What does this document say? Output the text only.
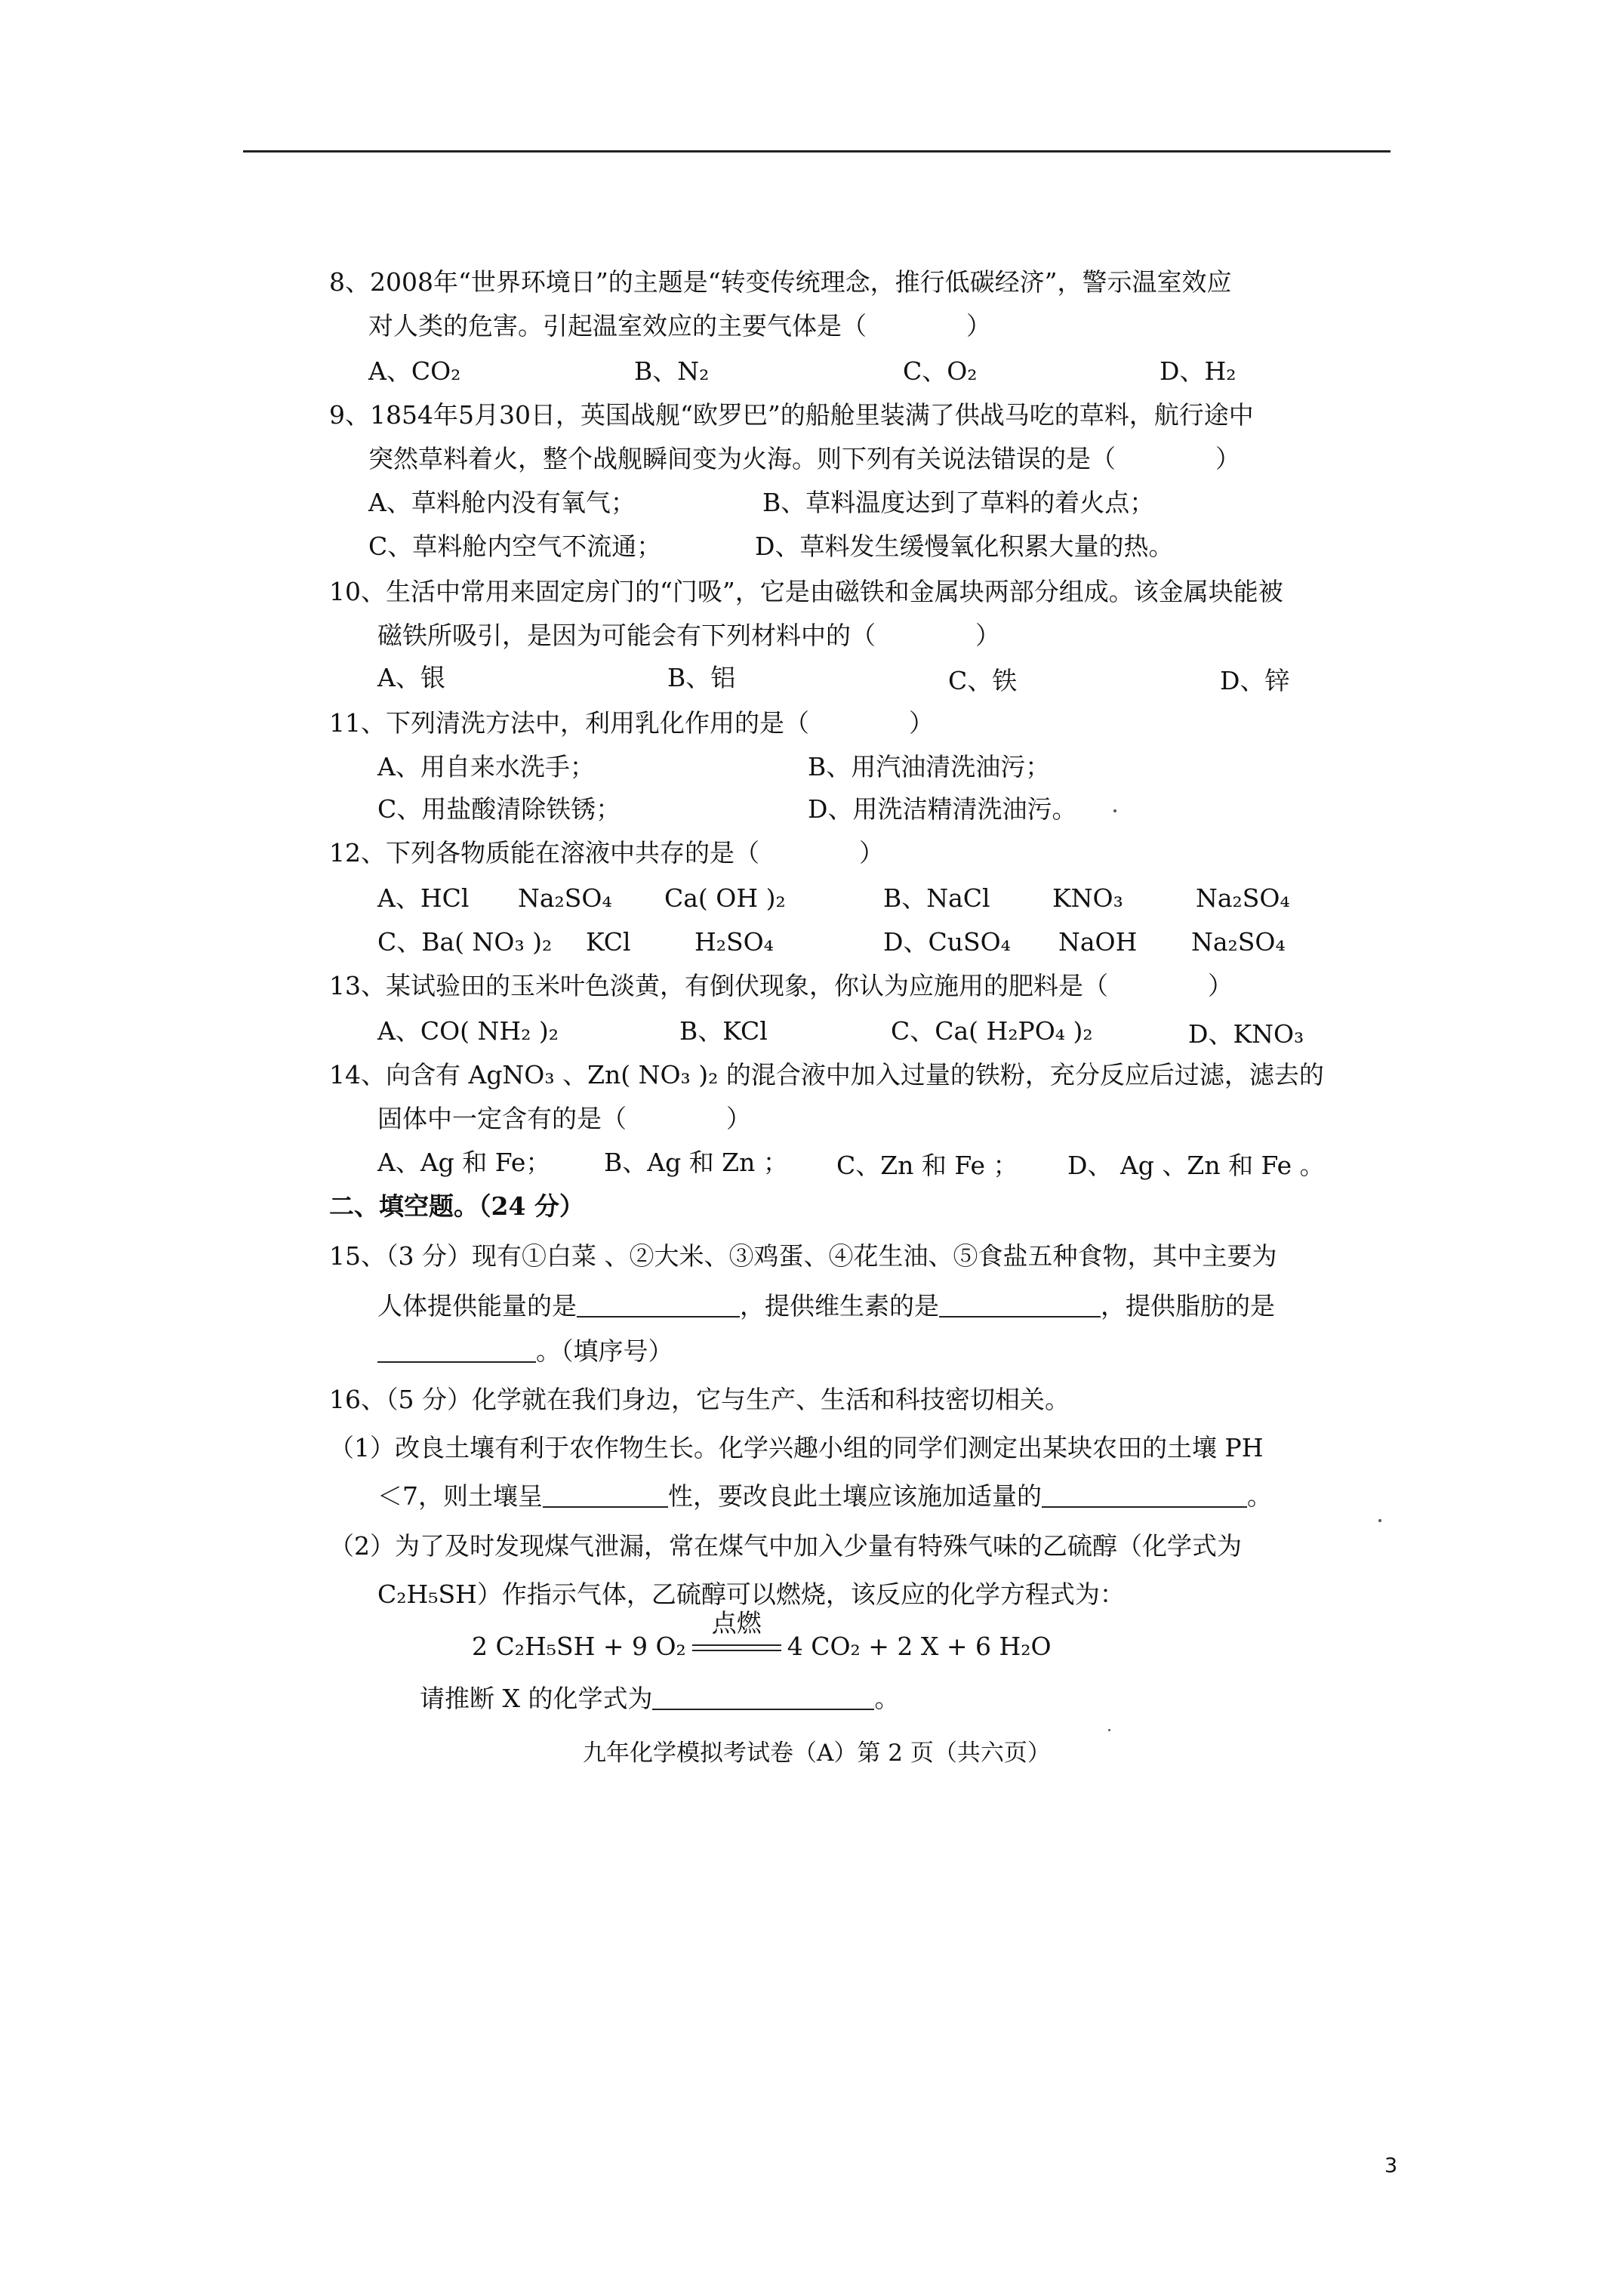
8、2008年“世界环境日”的主题是“转变传统理念，推行低碳经济”，警示温室效应
对人类的危害。引起温室效应的主要气体是（　　　　）
A、CO₂	B、N₂	C、O₂	D、H₂
9、1854年5月30日，英国战舰“欧罗巴”的船舱里装满了供战马吃的草料，航行途中
突然草料着火，整个战舰瞬间变为火海。则下列有关说法错误的是（　　　　）
A、草料舱内没有氧气；	B、草料温度达到了草料的着火点；
C、草料舱内空气不流通；	D、草料发生缓慢氧化积累大量的热。
10、生活中常用来固定房门的“门吸”，它是由磁铁和金属块两部分组成。该金属块能被
磁铁所吸引，是因为可能会有下列材料中的（　　　　）
A、银	B、铝	C、铁	D、锌
11、下列清洗方法中，利用乳化作用的是（　　　　）
A、用自来水洗手；	B、用汽油清洗油污；
C、用盐酸清除铁锈；	D、用洗洁精清洗油污。
12、下列各物质能在溶液中共存的是（　　　　）
A、HCl Na₂SO₄ Ca( OH )₂	B、NaCl KNO₃	Na₂SO₄
C、Ba( NO₃ )₂ KCl	H₂SO₄	D、CuSO₄ NaOH Na₂SO₄
13、某试验田的玉米叶色淡黄，有倒伏现象，你认为应施用的肥料是（　　　　）
A、CO( NH₂ )₂	B、KCl	C、Ca( H₂PO₄ )₂	D、KNO₃
14、向含有 AgNO₃ 、Zn( NO₃ )₂ 的混合液中加入过量的铁粉，充分反应后过滤，滤去的
固体中一定含有的是（　　　　）
A、Ag 和 Fe； B、Ag 和 Zn ； C、Zn 和 Fe ； D、 Ag 、Zn 和 Fe 。
二、填空题。（24 分）
15、（3 分）现有①白菜 、②大米、③鸡蛋、④花生油、⑤食盐五种食物，其中主要为
人体提供能量的是	，提供维生素的是	，提供脂肪的是
。（填序号）
16、（5 分）化学就在我们身边，它与生产、生活和科技密切相关。
（1）改良土壤有利于农作物生长。化学兴趣小组的同学们测定出某块农田的土壤 PH
＜7，则土壤呈	性，要改良此土壤应该施加适量的	。
（2）为了及时发现煤气泄漏，常在煤气中加入少量有特殊气味的乙硫醇（化学式为
C₂H₅SH）作指示气体，乙硫醇可以燃烧，该反应的化学方程式为：
2 C₂H₅SH + 9 O₂
点燃
4 CO₂ + 2 X + 6 H₂O
请推断 X 的化学式为	。
九年化学模拟考试卷（A）第 2 页（共六页）
3
